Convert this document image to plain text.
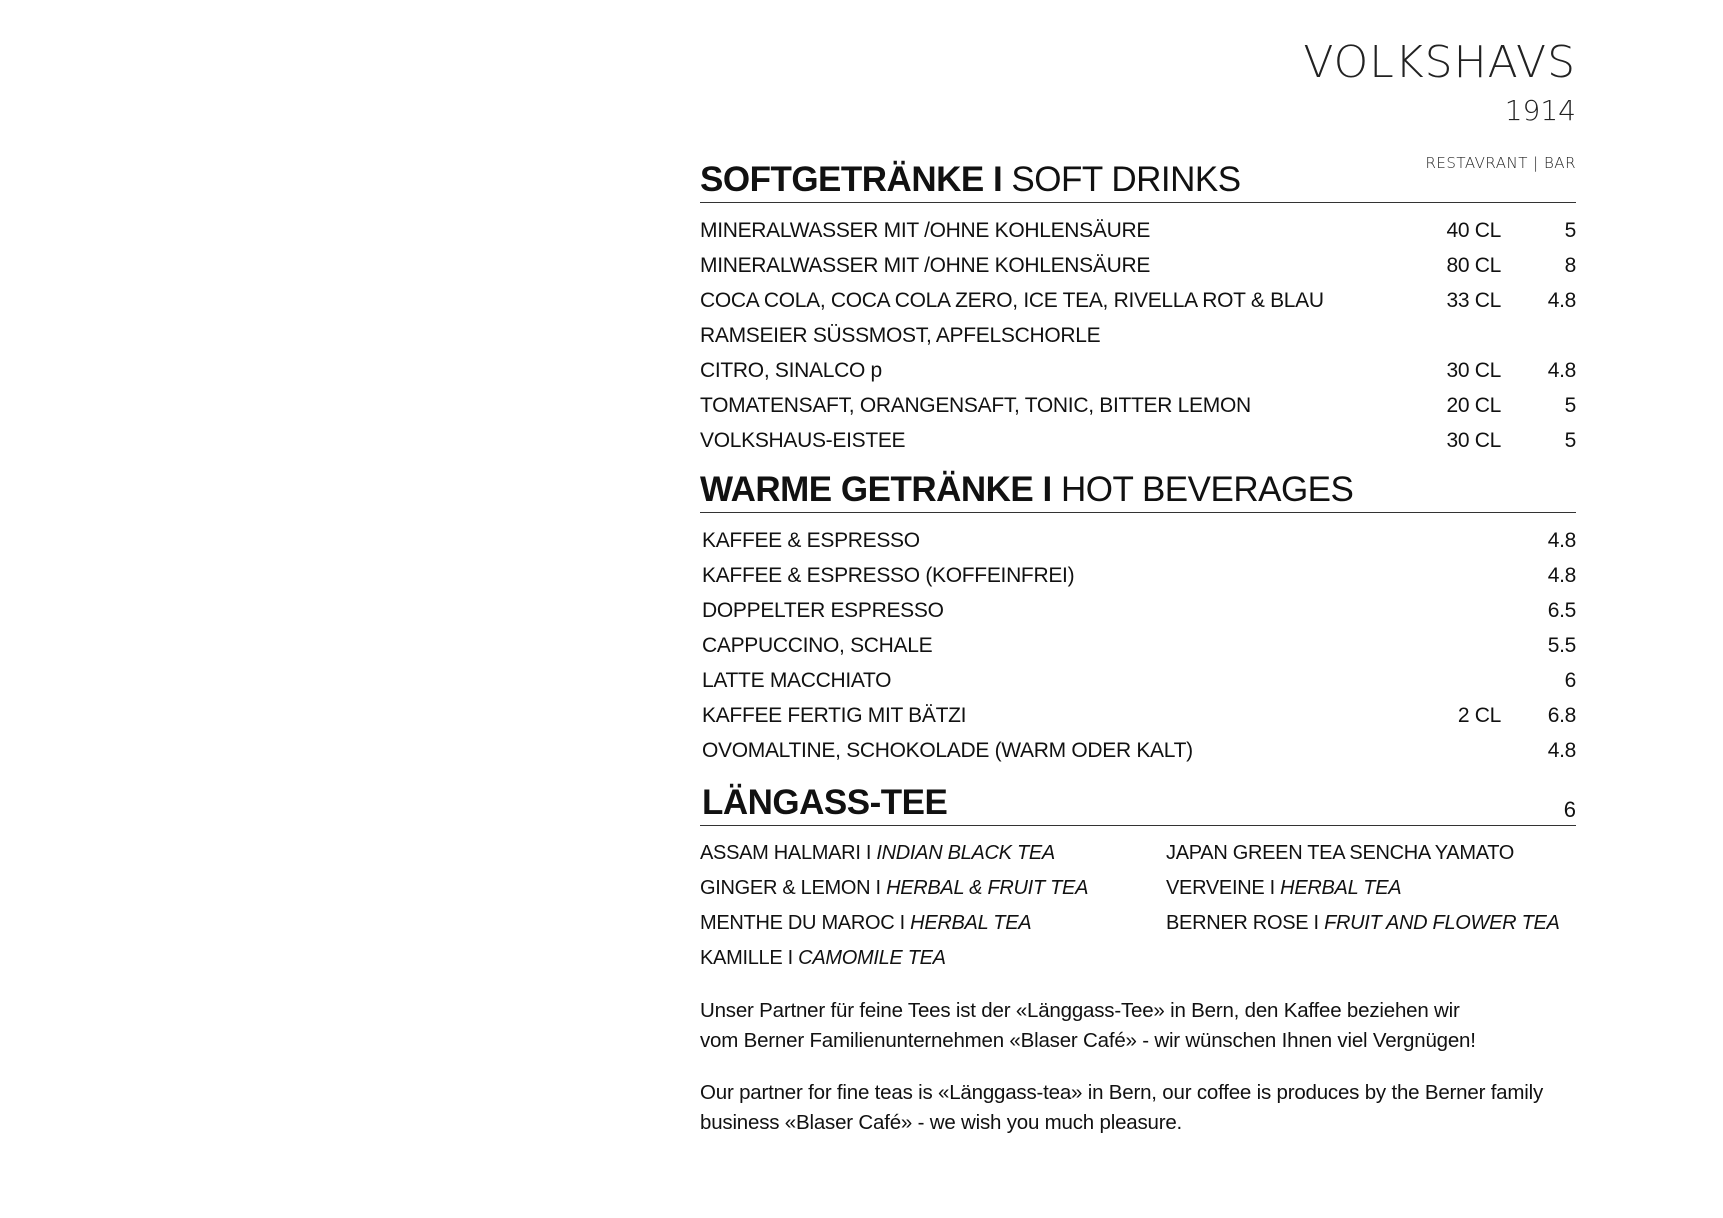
VOLKSHAVS
1914
RESTAVRANT | BAR
SOFTGETRÄNKE I SOFT DRINKS
MINERALWASSER MIT /OHNE KOHLENSÄURE	40 CL	5
MINERALWASSER MIT /OHNE KOHLENSÄURE	80 CL	8
COCA COLA, COCA COLA ZERO, ICE TEA, RIVELLA ROT & BLAU	33 CL	4.8
RAMSEIER SÜSSMOST, APFELSCHORLE
CITRO, SINALCO p	30 CL	4.8
TOMATENSAFT, ORANGENSAFT, TONIC, BITTER LEMON	20 CL	5
VOLKSHAUS-EISTEE	30 CL	5
WARME GETRÄNKE I HOT BEVERAGES
KAFFEE & ESPRESSO	4.8
KAFFEE & ESPRESSO (KOFFEINFREI)	4.8
DOPPELTER ESPRESSO	6.5
CAPPUCCINO, SCHALE	5.5
LATTE MACCHIATO	6
KAFFEE FERTIG MIT BÄTZI	2 CL	6.8
OVOMALTINE, SCHOKOLADE (WARM ODER KALT)	4.8
LÄNGASS-TEE	6
ASSAM HALMARI I INDIAN BLACK TEA	JAPAN GREEN TEA SENCHA YAMATO
GINGER & LEMON I HERBAL & FRUIT TEA	VERVEINE I HERBAL TEA
MENTHE DU MAROC I HERBAL TEA	BERNER ROSE I FRUIT AND FLOWER TEA
KAMILLE I CAMOMILE TEA
Unser Partner für feine Tees ist der «Länggass-Tee» in Bern, den Kaffee beziehen wir vom Berner Familienunternehmen «Blaser Café» - wir wünschen Ihnen viel Vergnügen!
Our partner for fine teas is «Länggass-tea» in Bern, our coffee is produces by the Berner family business «Blaser Café» - we wish you much pleasure.
